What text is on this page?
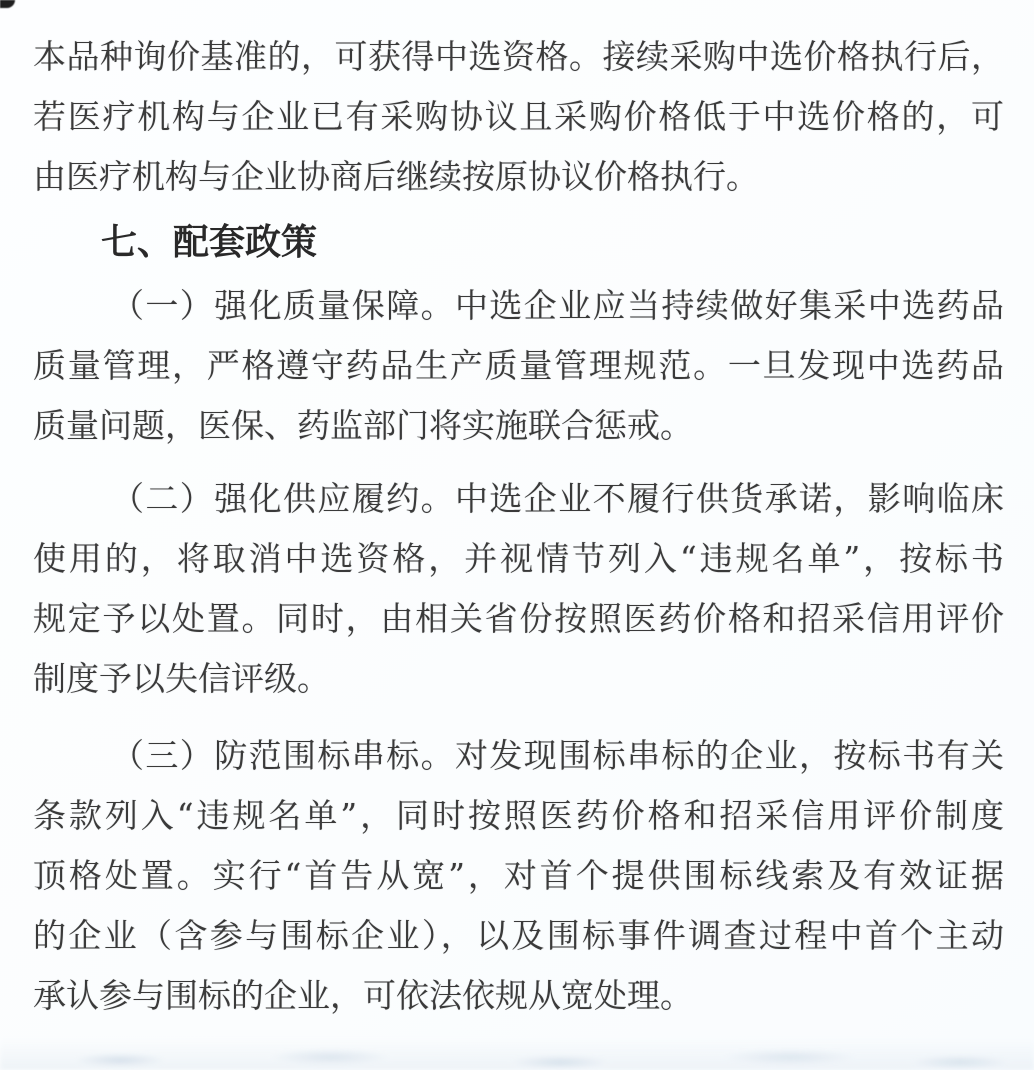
本品种询价基准的，可获得中选资格。接续采购中选价格执行后，
若医疗机构与企业已有采购协议且采购价格低于中选价格的，可
由医疗机构与企业协商后继续按原协议价格执行。
七、配套政策
（一）强化质量保障。中选企业应当持续做好集采中选药品
质量管理，严格遵守药品生产质量管理规范。一旦发现中选药品
质量问题，医保、药监部门将实施联合惩戒。
（二）强化供应履约。中选企业不履行供货承诺，影响临床
使用的，将取消中选资格，并视情节列入“违规名单”，按标书
规定予以处置。同时，由相关省份按照医药价格和招采信用评价
制度予以失信评级。
（三）防范围标串标。对发现围标串标的企业，按标书有关
条款列入“违规名单”，同时按照医药价格和招采信用评价制度
顶格处置。实行“首告从宽”，对首个提供围标线索及有效证据
的企业（含参与围标企业），以及围标事件调查过程中首个主动
承认参与围标的企业，可依法依规从宽处理。
